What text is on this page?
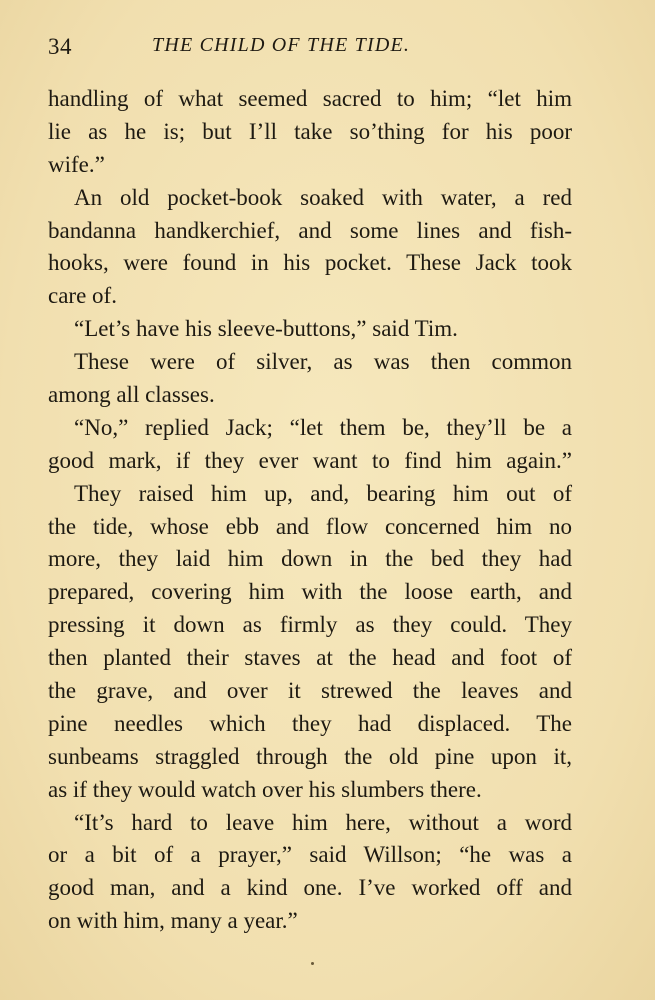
34	THE CHILD OF THE TIDE.
handling of what seemed sacred to him; “let him
lie as he is; but I’ll take so’thing for his poor
wife.”
An old pocket-book soaked with water, a red
bandanna handkerchief, and some lines and fish-
hooks, were found in his pocket. These Jack took
care of.
“Let’s have his sleeve-buttons,” said Tim.
These were of silver, as was then common
among all classes.
“No,” replied Jack; “let them be, they’ll be a
good mark, if they ever want to find him again.”
They raised him up, and, bearing him out of
the tide, whose ebb and flow concerned him no
more, they laid him down in the bed they had
prepared, covering him with the loose earth, and
pressing it down as firmly as they could. They
then planted their staves at the head and foot of
the grave, and over it strewed the leaves and
pine needles which they had displaced. The
sunbeams straggled through the old pine upon it,
as if they would watch over his slumbers there.
“It’s hard to leave him here, without a word
or a bit of a prayer,” said Willson; “he was a
good man, and a kind one. I’ve worked off and
on with him, many a year.”
